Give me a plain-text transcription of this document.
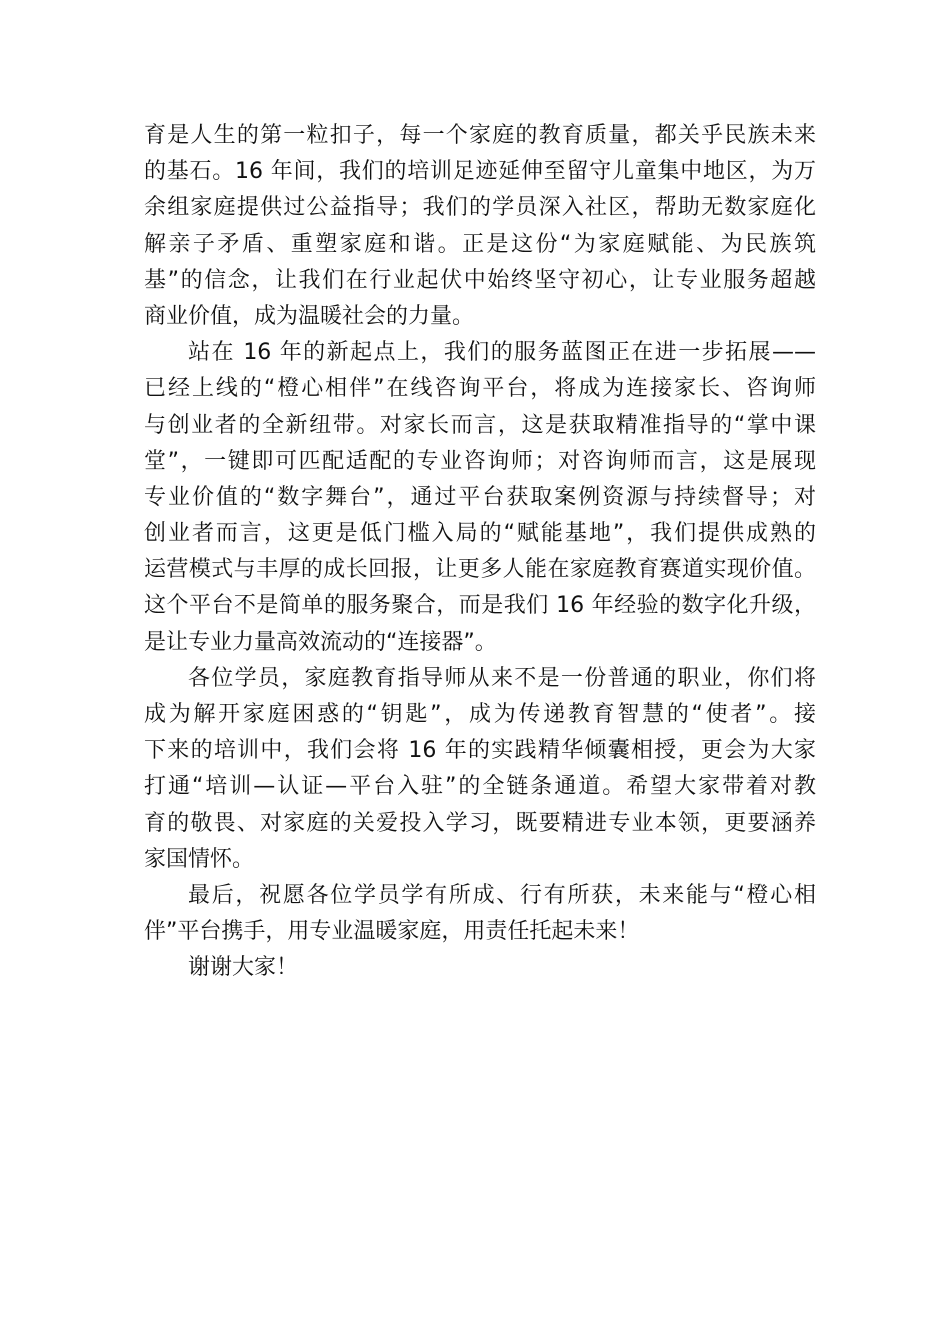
育是人生的第一粒扣子，每一个家庭的教育质量，都关乎民族未来
的基石。16 年间，我们的培训足迹延伸至留守儿童集中地区，为万
余组家庭提供过公益指导；我们的学员深入社区，帮助无数家庭化
解亲子矛盾、重塑家庭和谐。正是这份“为家庭赋能、为民族筑
基”的信念，让我们在行业起伏中始终坚守初心，让专业服务超越
商业价值，成为温暖社会的力量。
站在 16 年的新起点上，我们的服务蓝图正在进一步拓展——
已经上线的“橙心相伴”在线咨询平台，将成为连接家长、咨询师
与创业者的全新纽带。对家长而言，这是获取精准指导的“掌中课
堂”，一键即可匹配适配的专业咨询师；对咨询师而言，这是展现
专业价值的“数字舞台”，通过平台获取案例资源与持续督导；对
创业者而言，这更是低门槛入局的“赋能基地”，我们提供成熟的
运营模式与丰厚的成长回报，让更多人能在家庭教育赛道实现价值。
这个平台不是简单的服务聚合，而是我们 16 年经验的数字化升级，
是让专业力量高效流动的“连接器”。
各位学员，家庭教育指导师从来不是一份普通的职业，你们将
成为解开家庭困惑的“钥匙”，成为传递教育智慧的“使者”。接
下来的培训中，我们会将 16 年的实践精华倾囊相授，更会为大家
打通“培训—认证—平台入驻”的全链条通道。希望大家带着对教
育的敬畏、对家庭的关爱投入学习，既要精进专业本领，更要涵养
家国情怀。
最后，祝愿各位学员学有所成、行有所获，未来能与“橙心相
伴”平台携手，用专业温暖家庭，用责任托起未来！
谢谢大家！
